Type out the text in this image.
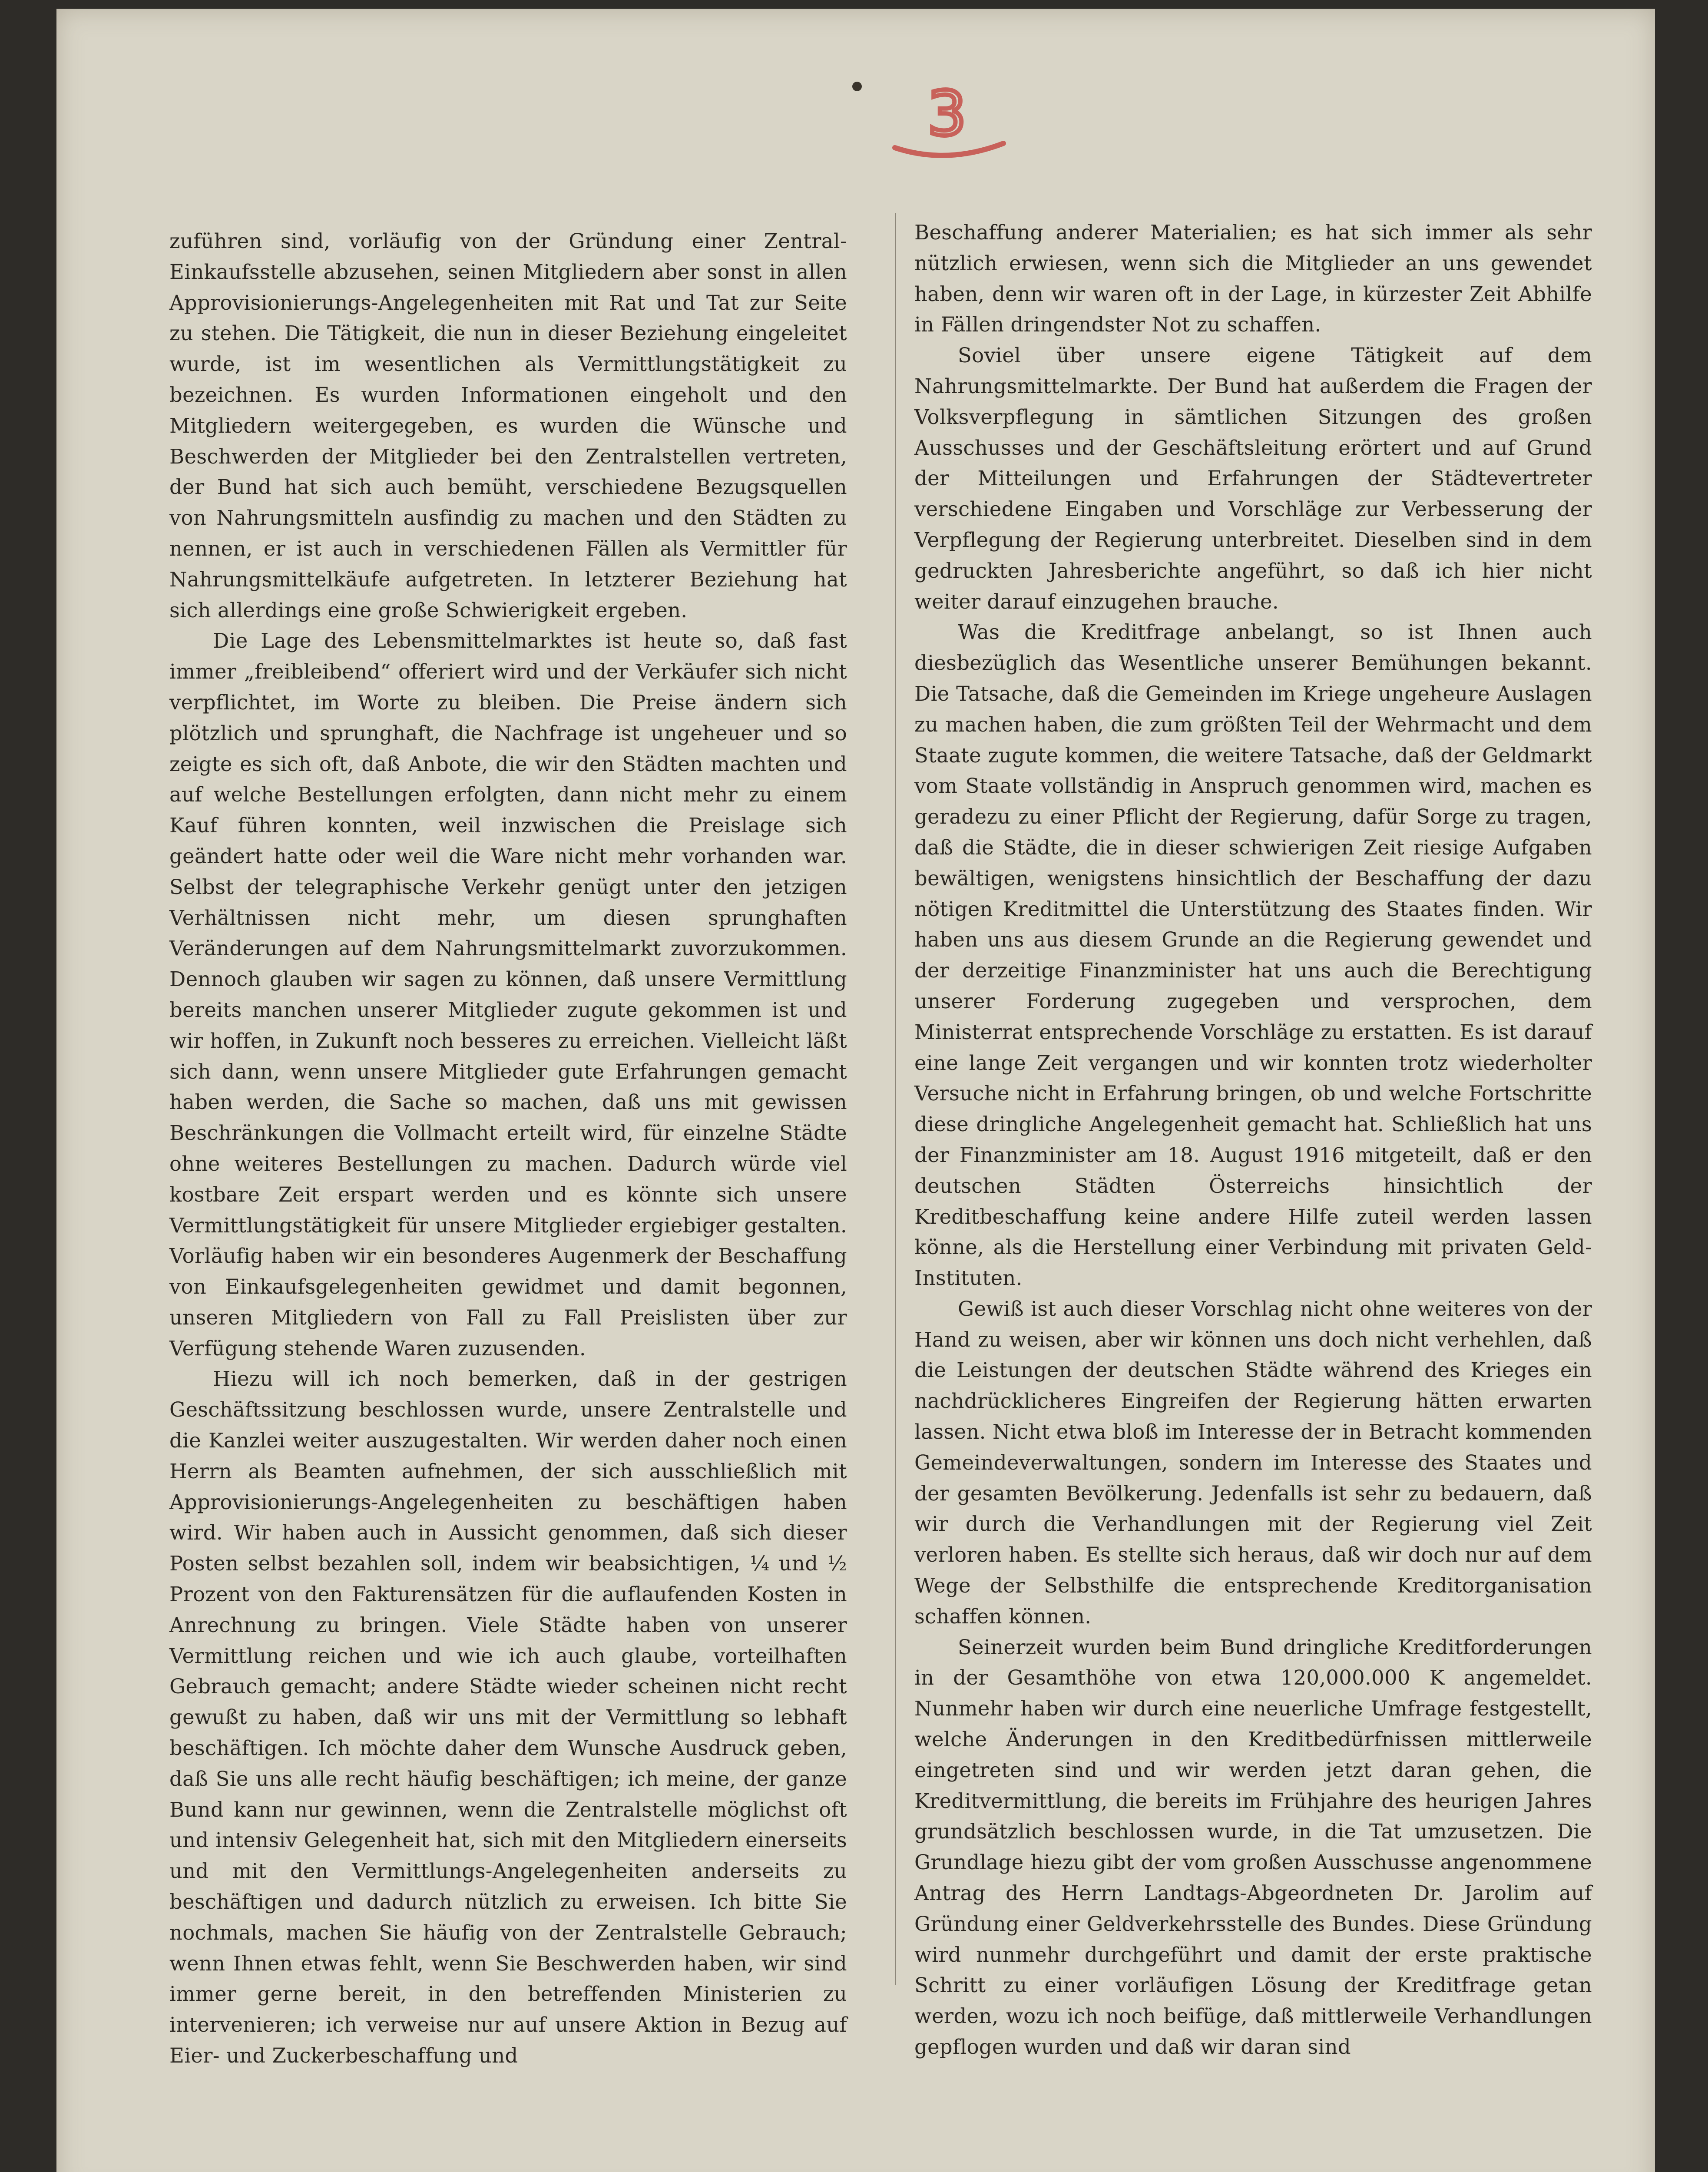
3

zuführen sind, vorläufig von der Gründung einer Zentral-Einkaufsstelle abzusehen, seinen Mitgliedern aber sonst in allen Approvisionierungs-Angelegenheiten mit Rat und Tat zur Seite zu stehen. Die Tätigkeit, die nun in dieser Beziehung eingeleitet wurde, ist im wesentlichen als Vermittlungstätigkeit zu bezeichnen. Es wurden Informationen eingeholt und den Mitgliedern weitergegeben, es wurden die Wünsche und Beschwerden der Mitglieder bei den Zentralstellen vertreten, der Bund hat sich auch bemüht, verschiedene Bezugsquellen von Nahrungsmitteln ausfindig zu machen und den Städten zu nennen, er ist auch in verschiedenen Fällen als Vermittler für Nahrungsmittelkäufe aufgetreten. In letzterer Beziehung hat sich allerdings eine große Schwierigkeit ergeben.

Die Lage des Lebensmittelmarktes ist heute so, daß fast immer „freibleibend“ offeriert wird und der Verkäufer sich nicht verpflichtet, im Worte zu bleiben. Die Preise ändern sich plötzlich und sprunghaft, die Nachfrage ist ungeheuer und so zeigte es sich oft, daß Anbote, die wir den Städten machten und auf welche Bestellungen erfolgten, dann nicht mehr zu einem Kauf führen konnten, weil inzwischen die Preislage sich geändert hatte oder weil die Ware nicht mehr vorhanden war. Selbst der telegraphische Verkehr genügt unter den jetzigen Verhältnissen nicht mehr, um diesen sprunghaften Veränderungen auf dem Nahrungsmittelmarkt zuvorzukommen. Dennoch glauben wir sagen zu können, daß unsere Vermittlung bereits manchen unserer Mitglieder zugute gekommen ist und wir hoffen, in Zukunft noch besseres zu erreichen. Vielleicht läßt sich dann, wenn unsere Mitglieder gute Erfahrungen gemacht haben werden, die Sache so machen, daß uns mit gewissen Beschränkungen die Vollmacht erteilt wird, für einzelne Städte ohne weiteres Bestellungen zu machen. Dadurch würde viel kostbare Zeit erspart werden und es könnte sich unsere Vermittlungstätigkeit für unsere Mitglieder ergiebiger gestalten. Vorläufig haben wir ein besonderes Augenmerk der Beschaffung von Einkaufsgelegenheiten gewidmet und damit begonnen, unseren Mitgliedern von Fall zu Fall Preislisten über zur Verfügung stehende Waren zuzusenden.

Hiezu will ich noch bemerken, daß in der gestrigen Geschäftssitzung beschlossen wurde, unsere Zentralstelle und die Kanzlei weiter auszugestalten. Wir werden daher noch einen Herrn als Beamten aufnehmen, der sich ausschließlich mit Approvisionierungs-Angelegenheiten zu beschäftigen haben wird. Wir haben auch in Aussicht genommen, daß sich dieser Posten selbst bezahlen soll, indem wir beabsichtigen, ¼ und ½ Prozent von den Fakturensätzen für die auflaufenden Kosten in Anrechnung zu bringen. Viele Städte haben von unserer Vermittlung reichen und wie ich auch glaube, vorteilhaften Gebrauch gemacht; andere Städte wieder scheinen nicht recht gewußt zu haben, daß wir uns mit der Vermittlung so lebhaft beschäftigen. Ich möchte daher dem Wunsche Ausdruck geben, daß Sie uns alle recht häufig beschäftigen; ich meine, der ganze Bund kann nur gewinnen, wenn die Zentralstelle möglichst oft und intensiv Gelegenheit hat, sich mit den Mitgliedern einerseits und mit den Vermittlungs-Angelegenheiten anderseits zu beschäftigen und dadurch nützlich zu erweisen. Ich bitte Sie nochmals, machen Sie häufig von der Zentralstelle Gebrauch; wenn Ihnen etwas fehlt, wenn Sie Beschwerden haben, wir sind immer gerne bereit, in den betreffenden Ministerien zu intervenieren; ich verweise nur auf unsere Aktion in Bezug auf Eier- und Zuckerbeschaffung und

Beschaffung anderer Materialien; es hat sich immer als sehr nützlich erwiesen, wenn sich die Mitglieder an uns gewendet haben, denn wir waren oft in der Lage, in kürzester Zeit Abhilfe in Fällen dringendster Not zu schaffen.

Soviel über unsere eigene Tätigkeit auf dem Nahrungsmittelmarkte. Der Bund hat außerdem die Fragen der Volksverpflegung in sämtlichen Sitzungen des großen Ausschusses und der Geschäftsleitung erörtert und auf Grund der Mitteilungen und Erfahrungen der Städtevertreter verschiedene Eingaben und Vorschläge zur Verbesserung der Verpflegung der Regierung unterbreitet. Dieselben sind in dem gedruckten Jahresberichte angeführt, so daß ich hier nicht weiter darauf einzugehen brauche.

Was die Kreditfrage anbelangt, so ist Ihnen auch diesbezüglich das Wesentliche unserer Bemühungen bekannt. Die Tatsache, daß die Gemeinden im Kriege ungeheure Auslagen zu machen haben, die zum größten Teil der Wehrmacht und dem Staate zugute kommen, die weitere Tatsache, daß der Geldmarkt vom Staate vollständig in Anspruch genommen wird, machen es geradezu zu einer Pflicht der Regierung, dafür Sorge zu tragen, daß die Städte, die in dieser schwierigen Zeit riesige Aufgaben bewältigen, wenigstens hinsichtlich der Beschaffung der dazu nötigen Kreditmittel die Unterstützung des Staates finden. Wir haben uns aus diesem Grunde an die Regierung gewendet und der derzeitige Finanzminister hat uns auch die Berechtigung unserer Forderung zugegeben und versprochen, dem Ministerrat entsprechende Vorschläge zu erstatten. Es ist darauf eine lange Zeit vergangen und wir konnten trotz wiederholter Versuche nicht in Erfahrung bringen, ob und welche Fortschritte diese dringliche Angelegenheit gemacht hat. Schließlich hat uns der Finanzminister am 18. August 1916 mitgeteilt, daß er den deutschen Städten Österreichs hinsichtlich der Kreditbeschaffung keine andere Hilfe zuteil werden lassen könne, als die Herstellung einer Verbindung mit privaten Geld-Instituten.

Gewiß ist auch dieser Vorschlag nicht ohne weiteres von der Hand zu weisen, aber wir können uns doch nicht verhehlen, daß die Leistungen der deutschen Städte während des Krieges ein nachdrücklicheres Eingreifen der Regierung hätten erwarten lassen. Nicht etwa bloß im Interesse der in Betracht kommenden Gemeindeverwaltungen, sondern im Interesse des Staates und der gesamten Bevölkerung. Jedenfalls ist sehr zu bedauern, daß wir durch die Verhandlungen mit der Regierung viel Zeit verloren haben. Es stellte sich heraus, daß wir doch nur auf dem Wege der Selbsthilfe die entsprechende Kreditorganisation schaffen können.

Seinerzeit wurden beim Bund dringliche Kreditforderungen in der Gesamthöhe von etwa 120,000.000 K angemeldet. Nunmehr haben wir durch eine neuerliche Umfrage festgestellt, welche Änderungen in den Kreditbedürfnissen mittlerweile eingetreten sind und wir werden jetzt daran gehen, die Kreditvermittlung, die bereits im Frühjahre des heurigen Jahres grundsätzlich beschlossen wurde, in die Tat umzusetzen. Die Grundlage hiezu gibt der vom großen Ausschusse angenommene Antrag des Herrn Landtags-Abgeordneten Dr. Jarolim auf Gründung einer Geldverkehrsstelle des Bundes. Diese Gründung wird nunmehr durchgeführt und damit der erste praktische Schritt zu einer vorläufigen Lösung der Kreditfrage getan werden, wozu ich noch beifüge, daß mittlerweile Verhandlungen gepflogen wurden und daß wir daran sind
